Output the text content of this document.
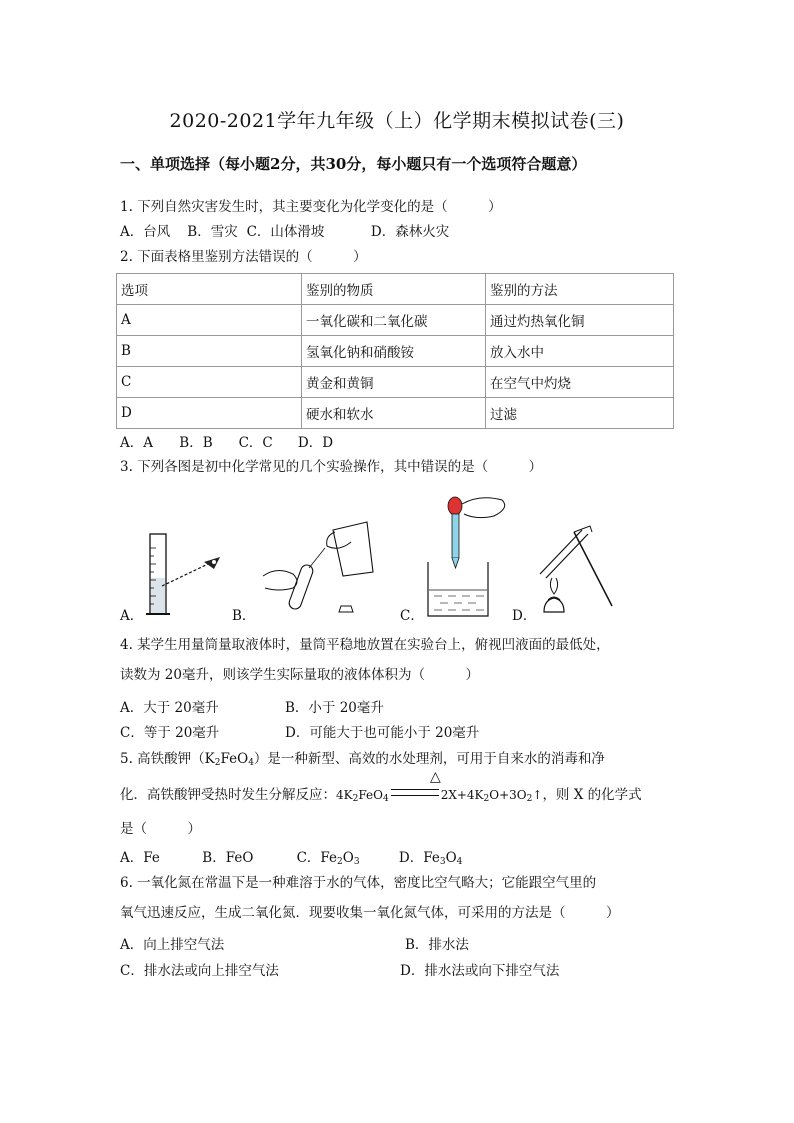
2020-2021学年九年级（上）化学期末模拟试卷(三)
一、单项选择（每小题2分，共30分，每小题只有一个选项符合题意）
1. 下列自然灾害发生时，其主要变化为化学变化的是（　　　）
A．台风 B．雪灾 C．山体滑坡	D．森林火灾
2. 下面表格里鉴别方法错误的（　　　）
选项	鉴别的物质	鉴别的方法
A	一氧化碳和二氧化碳	通过灼热氧化铜
B	氢氧化钠和硝酸铵	放入水中
C	黄金和黄铜	在空气中灼烧
D	硬水和软水	过滤
A．A B．B C．C D．D
3. 下列各图是初中化学常见的几个实验操作，其中错误的是（　　　）
A．	B．	C．	D．
4. 某学生用量筒量取液体时，量筒平稳地放置在实验台上，俯视凹液面的最低处，
读数为 20毫升，则该学生实际量取的液体体积为（　　　）
A．大于 20毫升	B．小于 20毫升
C．等于 20毫升	D．可能大于也可能小于 20毫升
5. 高铁酸钾$(K_2FeO_4)$是一种新型、高效的水处理剂，可用于自来水的消毒和净
△
化．高铁酸钾受热时发生分解反应：$4K_2FeO_4$	$2X+4K_2O+3O_2↑$，则 X 的化学式
是（　　　）
A．Fe	B．FeO	C．$Fe_2O_3$	D．$Fe_3O_4$
6. 一氧化氮在常温下是一种难溶于水的气体，密度比空气略大；它能跟空气里的
氧气迅速反应，生成二氧化氮．现要收集一氧化氮气体，可采用的方法是（　　　）
A．向上排空气法	B．排水法
C．排水法或向上排空气法	D．排水法或向下排空气法
